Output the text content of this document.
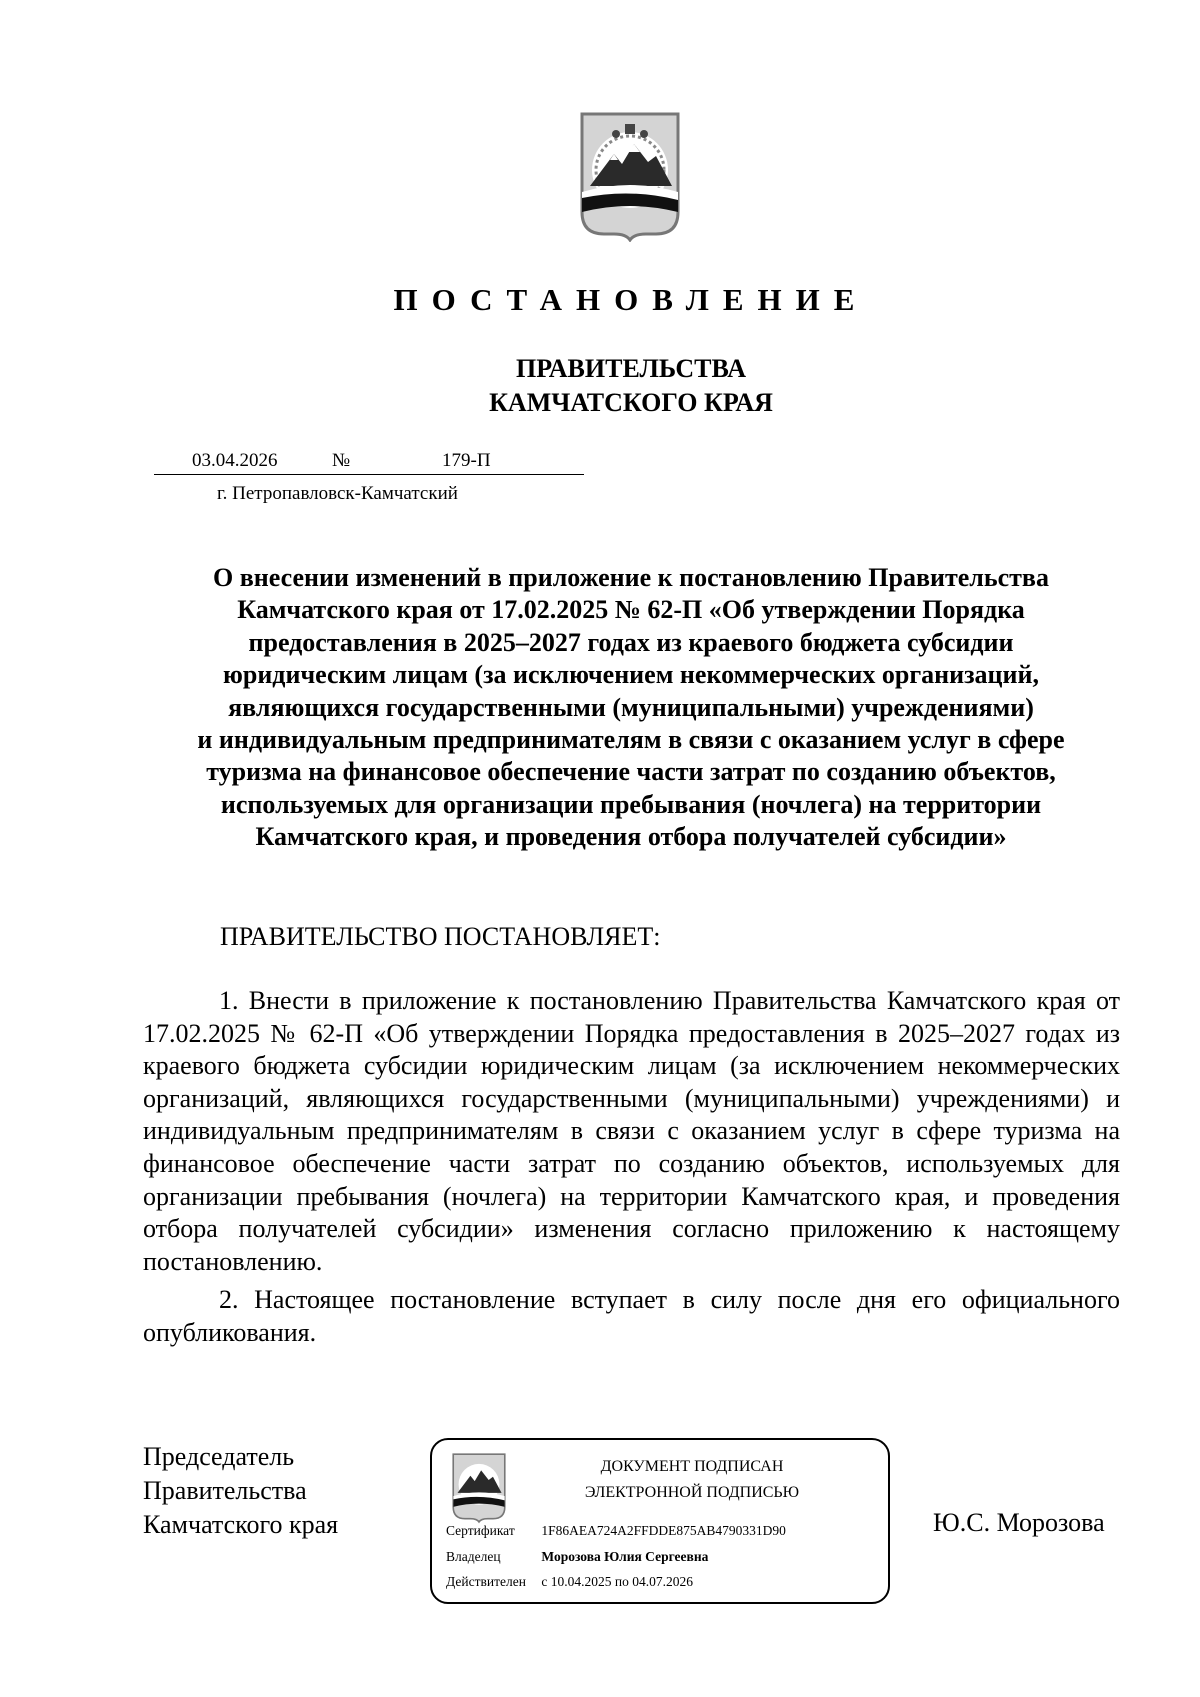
ПОСТАНОВЛЕНИЕ
ПРАВИТЕЛЬСТВА
КАМЧАТСКОГО КРАЯ
03.04.2026	№	179-П
г. Петропавловск-Камчатский
О внесении изменений в приложение к постановлению Правительства
Камчатского края от 17.02.2025 № 62-П «Об утверждении Порядка
предоставления в 2025–2027 годах из краевого бюджета субсидии
юридическим лицам (за исключением некоммерческих организаций,
являющихся государственными (муниципальными) учреждениями)
и индивидуальным предпринимателям в связи с оказанием услуг в сфере
туризма на финансовое обеспечение части затрат по созданию объектов,
используемых для организации пребывания (ночлега) на территории
Камчатского края, и проведения отбора получателей субсидии»
ПРАВИТЕЛЬСТВО ПОСТАНОВЛЯЕТ:

1. Внести в приложение к постановлению Правительства Камчатского края от 17.02.2025 № 62-П «Об утверждении Порядка предоставления в 2025–2027 годах из краевого бюджета субсидии юридическим лицам (за исключением некоммерческих организаций, являющихся государственными (муниципальными) учреждениями) и индивидуальным предпринимателям в связи с оказанием услуг в сфере туризма на финансовое обеспечение части затрат по созданию объектов, используемых для организации пребывания (ночлега) на территории Камчатского края, и проведения отбора получателей субсидии» изменения согласно приложению к настоящему постановлению.

2. Настоящее постановление вступает в силу после дня его официального опубликования.

Председатель
Правительства
Камчатского края
ДОКУМЕНТ ПОДПИСАН
ЭЛЕКТРОННОЙ ПОДПИСЬЮ
Сертификат 1F86AEA724A2FFDDE875AB4790331D90
Владелец	Морозова Юлия Сергеевна
Действителен с 10.04.2025 по 04.07.2026
Ю.С. Морозова
